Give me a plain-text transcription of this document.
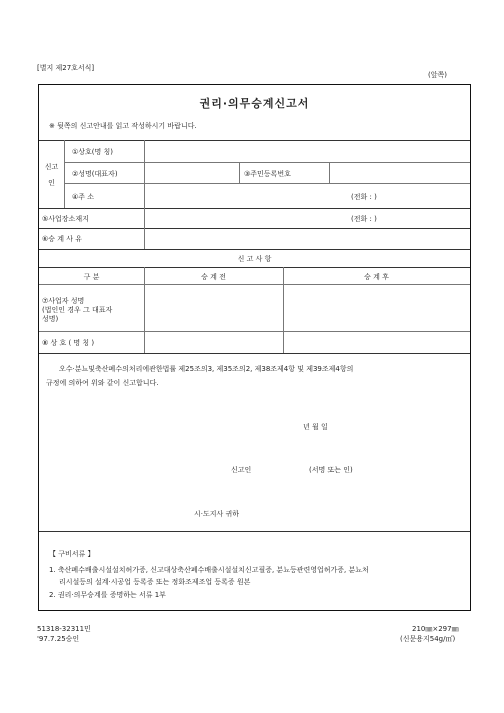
[별지 제27호서식]
(앞쪽)
권리·의무승계신고서
※ 뒷쪽의 신고안내를 읽고 작성하시기 바랍니다.
신고
인
①상호(명 칭)
②성명(대표자)	③주민등록번호
④주 소	(전화 : )
⑤사업장소재지	(전화 : )
⑥승 계 사 유
신 고 사 항
구 분	승 계 전	승 계 후
⑦사업자 성명
(법인인 경우 그 대표자
성명)
⑧ 상 호 ( 명 칭 )
오수·분뇨및축산폐수의처리에관한법률 제25조의3, 제35조의2, 제38조제4항 및 제39조제4항의
규정에 의하여 위와 같이 신고합니다.
년 월 일
신고인	(서명 또는 인)
시·도지사 귀하
【 구비서류 】
1. 축산폐수배출시설설치허가증, 신고대상축산폐수배출시설설치신고필증, 분뇨등관련영업허가증, 분뇨처
리시설등의 설계·시공업 등록증 또는 정화조제조업 등록증 원본
2. 권리·의무승계를 증명하는 서류 1부
51318-32311민
'97.7.25승인
210㎜×297㎜
(신문용지54g/㎡)
